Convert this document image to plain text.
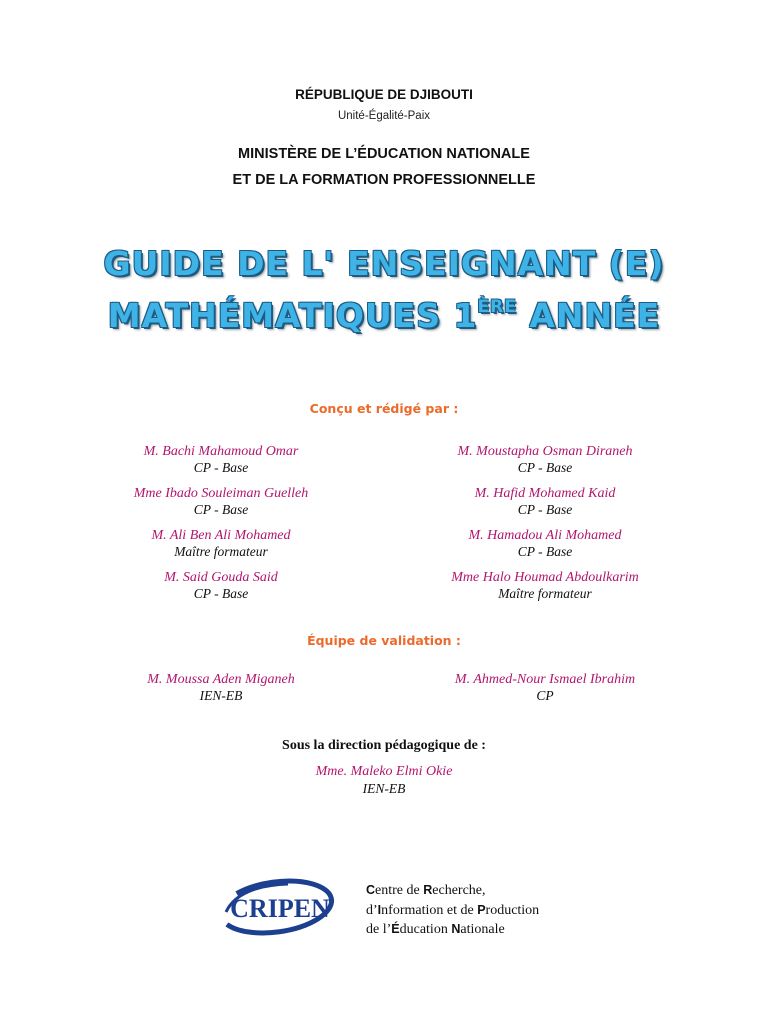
RÉPUBLIQUE DE DJIBOUTI
Unité-Égalité-Paix
MINISTÈRE DE L’ÉDUCATION NATIONALE
ET DE LA FORMATION PROFESSIONNELLE
GUIDE DE L' ENSEIGNANT (E)
MATHÉMATIQUES 1ÈRE ANNÉE
Conçu et rédigé par :
M. Bachi Mahamoud Omar
CP - Base
Mme Ibado Souleiman Guelleh
CP - Base
M. Ali Ben Ali Mohamed
Maître formateur
M. Said Gouda Said
CP - Base
M. Moustapha Osman Diraneh
CP - Base
M. Hafid Mohamed Kaid
CP - Base
M. Hamadou Ali Mohamed
CP - Base
Mme Halo Houmad Abdoulkarim
Maître formateur
Équipe de validation :
M. Moussa Aden Miganeh
IEN-EB
M. Ahmed-Nour Ismael Ibrahim
CP
Sous la direction pédagogique de :
Mme. Maleko Elmi Okie
IEN-EB
CRIPEN
Centre de Recherche,
d’Information et de Production
de l’Éducation Nationale
